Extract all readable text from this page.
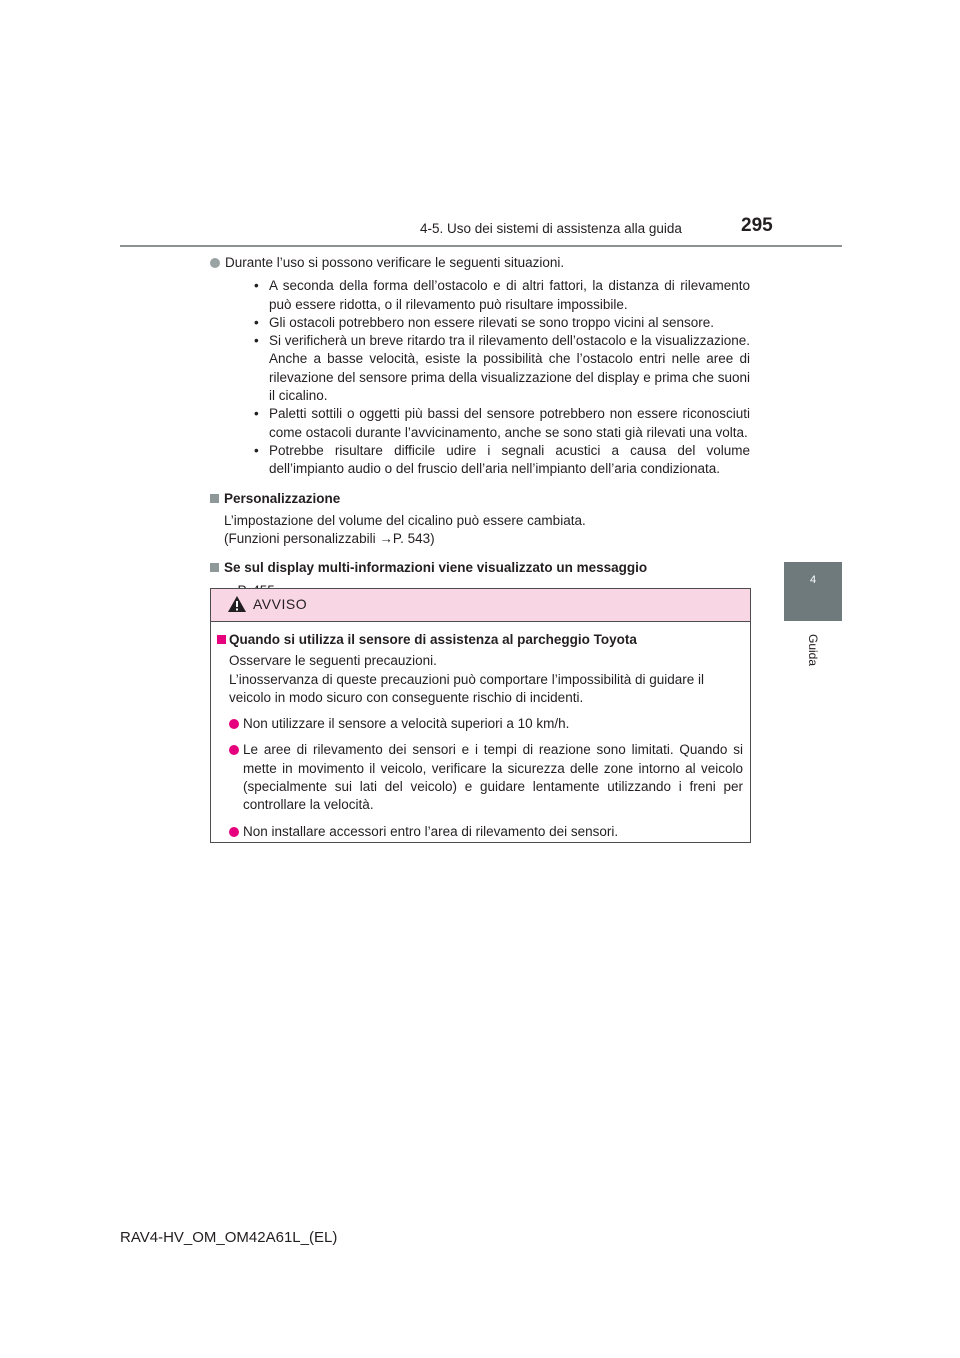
4-5. Uso dei sistemi di assistenza alla guida	295
4
Guida
Durante l’uso si possono verificare le seguenti situazioni.
• A seconda della forma dell’ostacolo e di altri fattori, la distanza di rilevamento può essere ridotta, o il rilevamento può risultare impossibile.
• Gli ostacoli potrebbero non essere rilevati se sono troppo vicini al sensore.
• Si verificherà un breve ritardo tra il rilevamento dell’ostacolo e la visualizzazione. Anche a basse velocità, esiste la possibilità che l’ostacolo entri nelle aree di rilevazione del sensore prima della visualizzazione del display e prima che suoni il cicalino.
• Paletti sottili o oggetti più bassi del sensore potrebbero non essere riconosciuti come ostacoli durante l’avvicinamento, anche se sono stati già rilevati una volta.
• Potrebbe risultare difficile udire i segnali acustici a causa del volume dell’impianto audio o del fruscio dell’aria nell’impianto dell’aria condizionata.
Personalizzazione
L’impostazione del volume del cicalino può essere cambiata.
(Funzioni personalizzabili →P. 543)
Se sul display multi-informazioni viene visualizzato un messaggio
AVVISO
Quando si utilizza il sensore di assistenza al parcheggio Toyota
Osservare le seguenti precauzioni.
L’inosservanza di queste precauzioni può comportare l’impossibilità di guidare il veicolo in modo sicuro con conseguente rischio di incidenti.
Non utilizzare il sensore a velocità superiori a 10 km/h.
Le aree di rilevamento dei sensori e i tempi di reazione sono limitati. Quando si mette in movimento il veicolo, verificare la sicurezza delle zone intorno al veicolo (specialmente sui lati del veicolo) e guidare lentamente utilizzando i freni per controllare la velocità.
Non installare accessori entro l’area di rilevamento dei sensori.
RAV4-HV_OM_OM42A61L_(EL)
